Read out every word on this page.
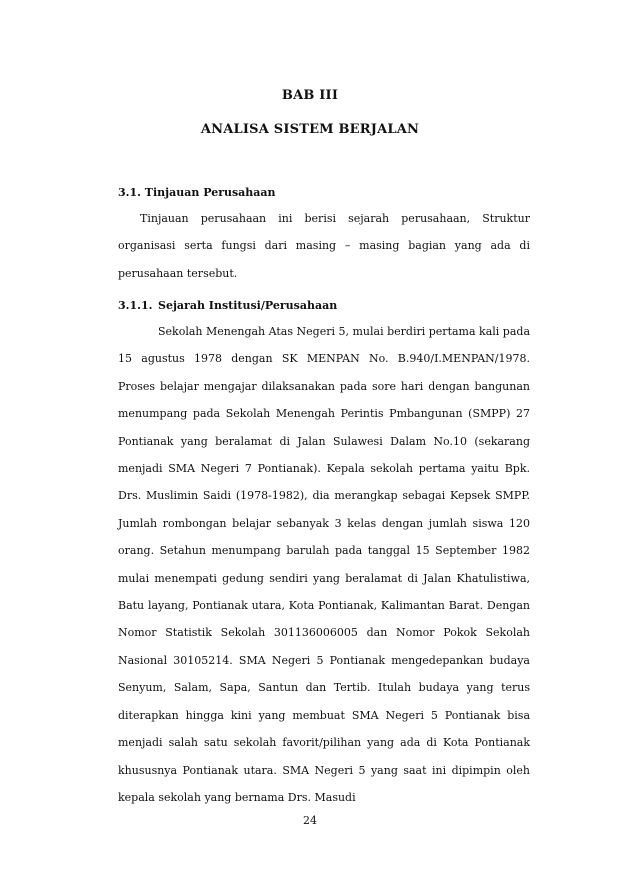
BAB III
ANALISA SISTEM BERJALAN
3.1. Tinjauan Perusahaan

Tinjauan perusahaan ini berisi sejarah perusahaan, Struktur organisasi serta fungsi dari masing – masing bagian yang ada di perusahaan tersebut.

3.1.1. Sejarah Institusi/Perusahaan

Sekolah Menengah Atas Negeri 5, mulai berdiri pertama kali pada 15 agustus 1978 dengan SK MENPAN No. B.940/I.MENPAN/1978. Proses belajar mengajar dilaksanakan pada sore hari dengan bangunan menumpang pada Sekolah Menengah Perintis Pmbangunan (SMPP) 27 Pontianak yang beralamat di Jalan Sulawesi Dalam No.10 (sekarang menjadi SMA Negeri 7 Pontianak). Kepala sekolah pertama yaitu Bpk. Drs. Muslimin Saidi (1978-1982), dia merangkap sebagai Kepsek SMPP. Jumlah rombongan belajar sebanyak 3 kelas dengan jumlah siswa 120 orang. Setahun menumpang barulah pada tanggal 15 September 1982 mulai menempati gedung sendiri yang beralamat di Jalan Khatulistiwa, Batu layang, Pontianak utara, Kota Pontianak, Kalimantan Barat. Dengan Nomor Statistik Sekolah 301136006005 dan Nomor Pokok Sekolah Nasional 30105214. SMA Negeri 5 Pontianak mengedepankan budaya Senyum, Salam, Sapa, Santun dan Tertib. Itulah budaya yang terus diterapkan hingga kini yang membuat SMA Negeri 5 Pontianak bisa menjadi salah satu sekolah favorit/pilihan yang ada di Kota Pontianak khususnya Pontianak utara. SMA Negeri 5 yang saat ini dipimpin oleh kepala sekolah yang bernama Drs. Masudi

24
